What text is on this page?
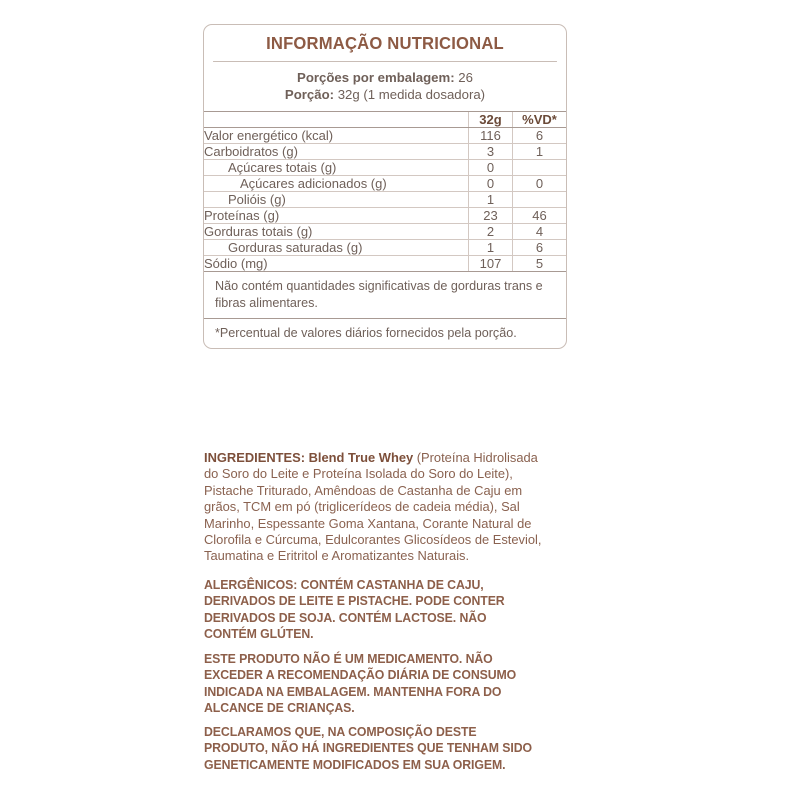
INFORMAÇÃO NUTRICIONAL
Porções por embalagem: 26
Porção: 32g (1 medida dosadora)
	32g	%VD*
Valor energético (kcal)	116	6
Carboidratos (g)	3	1
Açúcares totais (g)	0	
Açúcares adicionados (g)	0	0
Polióis (g)	1	
Proteínas (g)	23	46
Gorduras totais (g)	2	4
Gorduras saturadas (g)	1	6
Sódio (mg)	107	5
Não contém quantidades significativas de gorduras trans e fibras alimentares.
*Percentual de valores diários fornecidos pela porção.
INGREDIENTES: Blend True Whey (Proteína Hidrolisada do Soro do Leite e Proteína Isolada do Soro do Leite), Pistache Triturado, Amêndoas de Castanha de Caju em grãos, TCM em pó (triglicerídeos de cadeia média), Sal Marinho, Espessante Goma Xantana, Corante Natural de Clorofila e Cúrcuma, Edulcorantes Glicosídeos de Esteviol, Taumatina e Eritritol e Aromatizantes Naturais.
ALERGÊNICOS: CONTÉM CASTANHA DE CAJU, DERIVADOS DE LEITE E PISTACHE. PODE CONTER DERIVADOS DE SOJA. CONTÉM LACTOSE. NÃO CONTÉM GLÚTEN.
ESTE PRODUTO NÃO É UM MEDICAMENTO. NÃO EXCEDER A RECOMENDAÇÃO DIÁRIA DE CONSUMO INDICADA NA EMBALAGEM. MANTENHA FORA DO ALCANCE DE CRIANÇAS.
DECLARAMOS QUE, NA COMPOSIÇÃO DESTE PRODUTO, NÃO HÁ INGREDIENTES QUE TENHAM SIDO GENETICAMENTE MODIFICADOS EM SUA ORIGEM.
